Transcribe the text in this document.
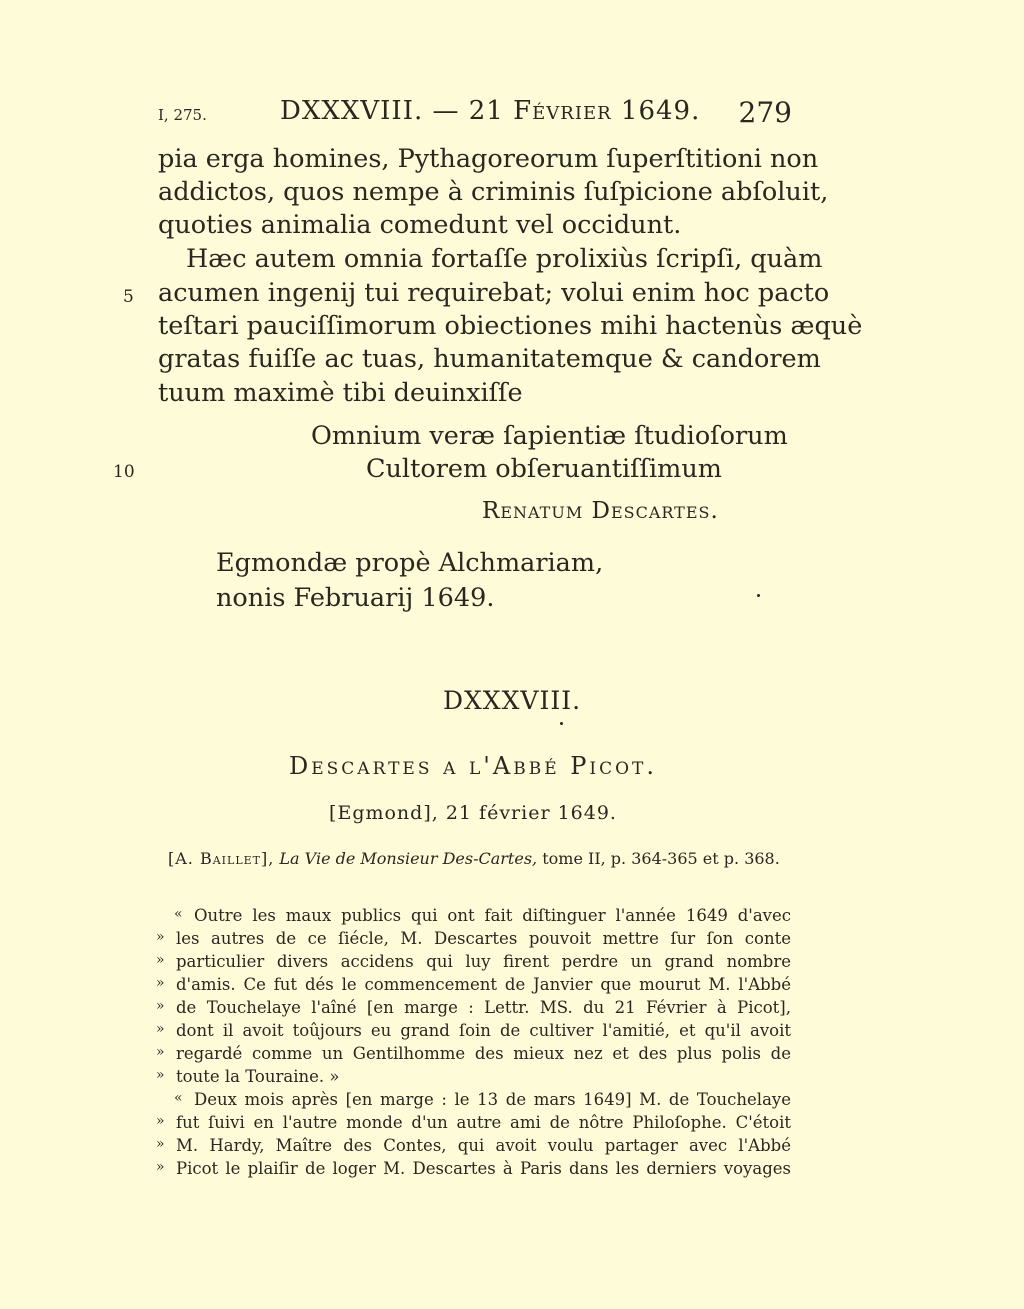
I, 275.	DXXXVIII. — 21 Février 1649. 279
pia erga homines, Pythagoreorum ſuperſtitioni non
addictos, quos nempe à criminis ſuſpicione abſoluit,
quoties animalia comedunt vel occidunt.
Hæc autem omnia fortaſſe prolixiùs ſcripſi, quàm
acumen ingenij tui requirebat; volui enim hoc pacto
teſtari pauciſſimorum obiectiones mihi hactenùs æquè
gratas fuiſſe ac tuas, humanitatemque & candorem
tuum maximè tibi deuinxiſſe
5
10
Omnium veræ ſapientiæ ſtudioſorum
Cultorem obſeruantiſſimum
Renatum Descartes.
Egmondæ propè Alchmariam,
nonis Februarij 1649.
DXXXVIII.
Descartes a l'Abbé Picot.
[Egmond], 21 février 1649.
[A. Baillet], La Vie de Monsieur Des-Cartes, tome II, p. 364-365 et p. 368.
« Outre les maux publics qui ont fait diſtinguer l'année 1649 d'avec
» les autres de ce ſiécle, M. Descartes pouvoit mettre ſur ſon conte
» particulier divers accidens qui luy firent perdre un grand nombre
» d'amis. Ce fut dés le commencement de Janvier que mourut M. l'Abbé
» de Touchelaye l'aîné [en marge : Lettr. MS. du 21 Février à Picot],
» dont il avoit toûjours eu grand ſoin de cultiver l'amitié, et qu'il avoit
» regardé comme un Gentilhomme des mieux nez et des plus polis de
» toute la Touraine. »
« Deux mois après [en marge : le 13 de mars 1649] M. de Touchelaye
» fut ſuivi en l'autre monde d'un autre ami de nôtre Philoſophe. C'étoit
» M. Hardy, Maître des Contes, qui avoit voulu partager avec l'Abbé
» Picot le plaiſir de loger M. Descartes à Paris dans les derniers voyages
